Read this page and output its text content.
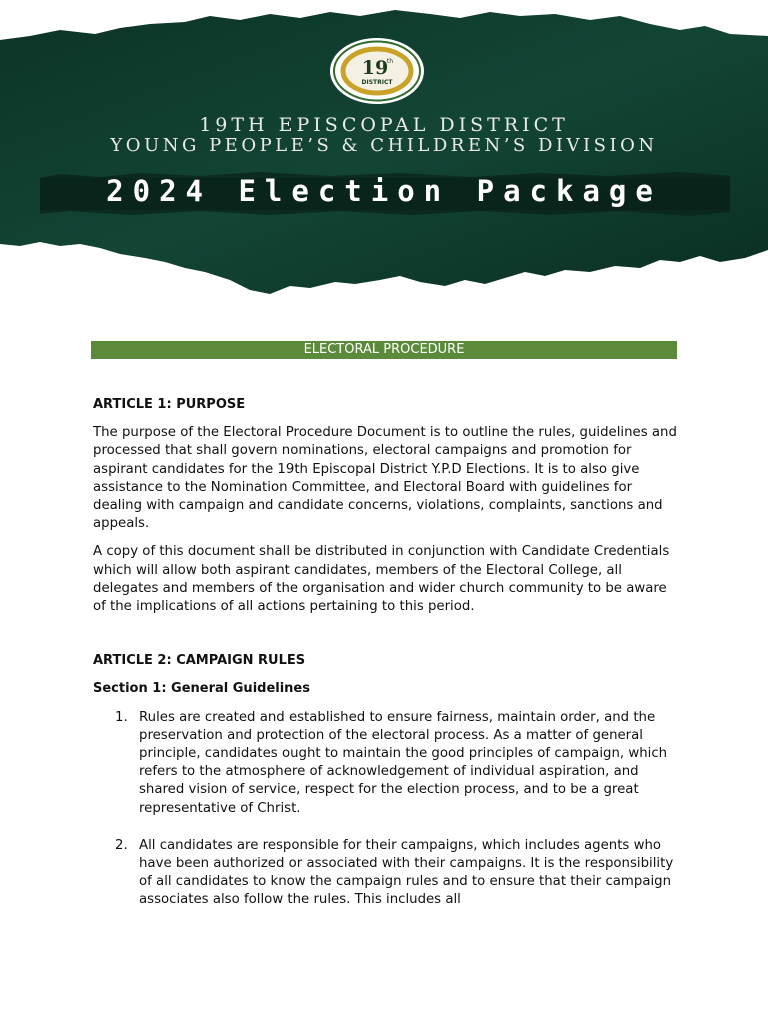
19
th
DISTRICT
19TH EPISCOPAL DISTRICT
YOUNG PEOPLE’S & CHILDREN’S DIVISION
2024 Election Package
ELECTORAL PROCEDURE
ARTICLE 1: PURPOSE

The purpose of the Electoral Procedure Document is to outline the rules, guidelines and processed that shall govern nominations, electoral campaigns and promotion for aspirant candidates for the 19th Episcopal District Y.P.D Elections. It is to also give assistance to the Nomination Committee, and Electoral Board with guidelines for dealing with campaign and candidate concerns, violations, complaints, sanctions and appeals.

A copy of this document shall be distributed in conjunction with Candidate Credentials which will allow both aspirant candidates, members of the Electoral College, all delegates and members of the organisation and wider church community to be aware of the implications of all actions pertaining to this period.

ARTICLE 2: CAMPAIGN RULES
Section 1: General Guidelines
1. Rules are created and established to ensure fairness, maintain order, and the preservation and protection of the electoral process. As a matter of general principle, candidates ought to maintain the good principles of campaign, which refers to the atmosphere of acknowledgement of individual aspiration, and shared vision of service, respect for the election process, and to be a great representative of Christ.
2. All candidates are responsible for their campaigns, which includes agents who have been authorized or associated with their campaigns. It is the responsibility of all candidates to know the campaign rules and to ensure that their campaign associates also follow the rules. This includes all
